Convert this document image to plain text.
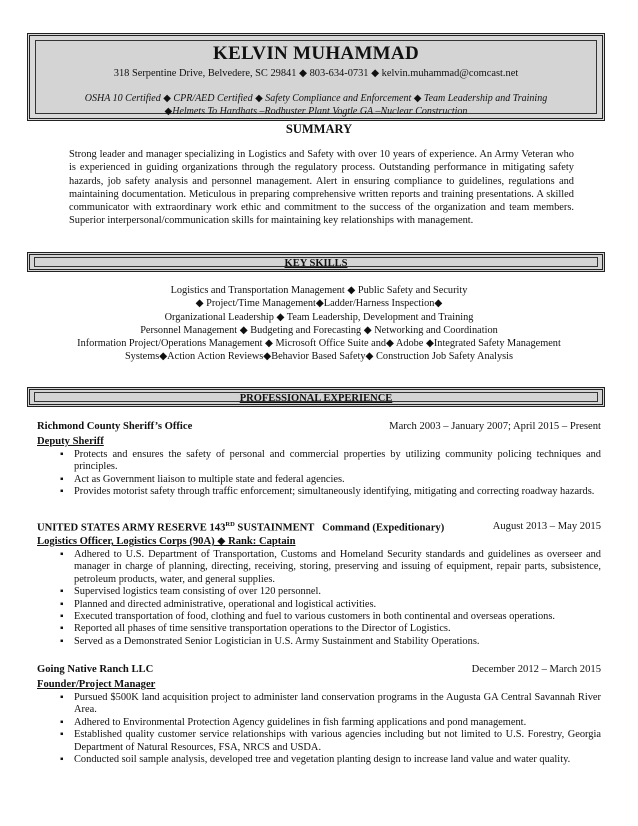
KELVIN MUHAMMAD
318 Serpentine Drive, Belvedere, SC 29841 ◆ 803-634-0731 ◆ kelvin.muhammad@comcast.net
OSHA 10 Certified ◆ CPR/AED Certified ◆ Safety Compliance and Enforcement ◆ Team Leadership and Training
◆Helmets To Hardhats –Rodbuster Plant Vogtle GA –Nuclear Construction
SUMMARY
Strong leader and manager specializing in Logistics and Safety with over 10 years of experience. An Army Veteran who is experienced in guiding organizations through the regulatory process. Outstanding performance in mitigating safety hazards, job safety analysis and personnel management. Alert in ensuring compliance to guidelines, regulations and maintaining documentation. Meticulous in preparing comprehensive written reports and training presentations. A skilled communicator with extraordinary work ethic and commitment to the success of the organization and team members. Superior interpersonal/communication skills for maintaining key relationships with management.
KEY SKILLS
Logistics and Transportation Management ◆ Public Safety and Security
◆ Project/Time Management◆Ladder/Harness Inspection◆
Organizational Leadership ◆ Team Leadership, Development and Training
Personnel Management ◆ Budgeting and Forecasting ◆ Networking and Coordination
Information Project/Operations Management ◆ Microsoft Office Suite and◆ Adobe ◆Integrated Safety Management
Systems◆Action Action Reviews◆Behavior Based Safety◆ Construction Job Safety Analysis
PROFESSIONAL EXPERIENCE
Richmond County Sheriff’s Office	March 2003 – January 2007; April 2015 – Present
Deputy Sheriff
▪ Protects and ensures the safety of personal and commercial properties by utilizing community policing techniques and principles.
▪ Act as Government liaison to multiple state and federal agencies.
▪ Provides motorist safety through traffic enforcement; simultaneously identifying, mitigating and correcting roadway hazards.
UNITED STATES ARMY RESERVE 143RD SUSTAINMENT   Command (Expeditionary)	August 2013 – May 2015
Logistics Officer, Logistics Corps (90A) ◆ Rank: Captain
▪ Adhered to U.S. Department of Transportation, Customs and Homeland Security standards and guidelines as overseer and manager in charge of planning, directing, receiving, storing, preserving and issuing of equipment, repair parts, subsistence, petroleum products, water, and general supplies.
▪ Supervised logistics team consisting of over 120 personnel.
▪ Planned and directed administrative, operational and logistical activities.
▪ Executed transportation of food, clothing and fuel to various customers in both continental and overseas operations.
▪ Reported all phases of time sensitive transportation operations to the Director of Logistics.
▪ Served as a Demonstrated Senior Logistician in U.S. Army Sustainment and Stability Operations.
Going Native Ranch LLC	December 2012 – March 2015
Founder/Project Manager
▪ Pursued $500K land acquisition project to administer land conservation programs in the Augusta GA Central Savannah River Area.
▪ Adhered to Environmental Protection Agency guidelines in fish farming applications and pond management.
▪ Established quality customer service relationships with various agencies including but not limited to U.S. Forestry, Georgia Department of Natural Resources, FSA, NRCS and USDA.
▪ Conducted soil sample analysis, developed tree and vegetation planting design to increase land value and water quality.
